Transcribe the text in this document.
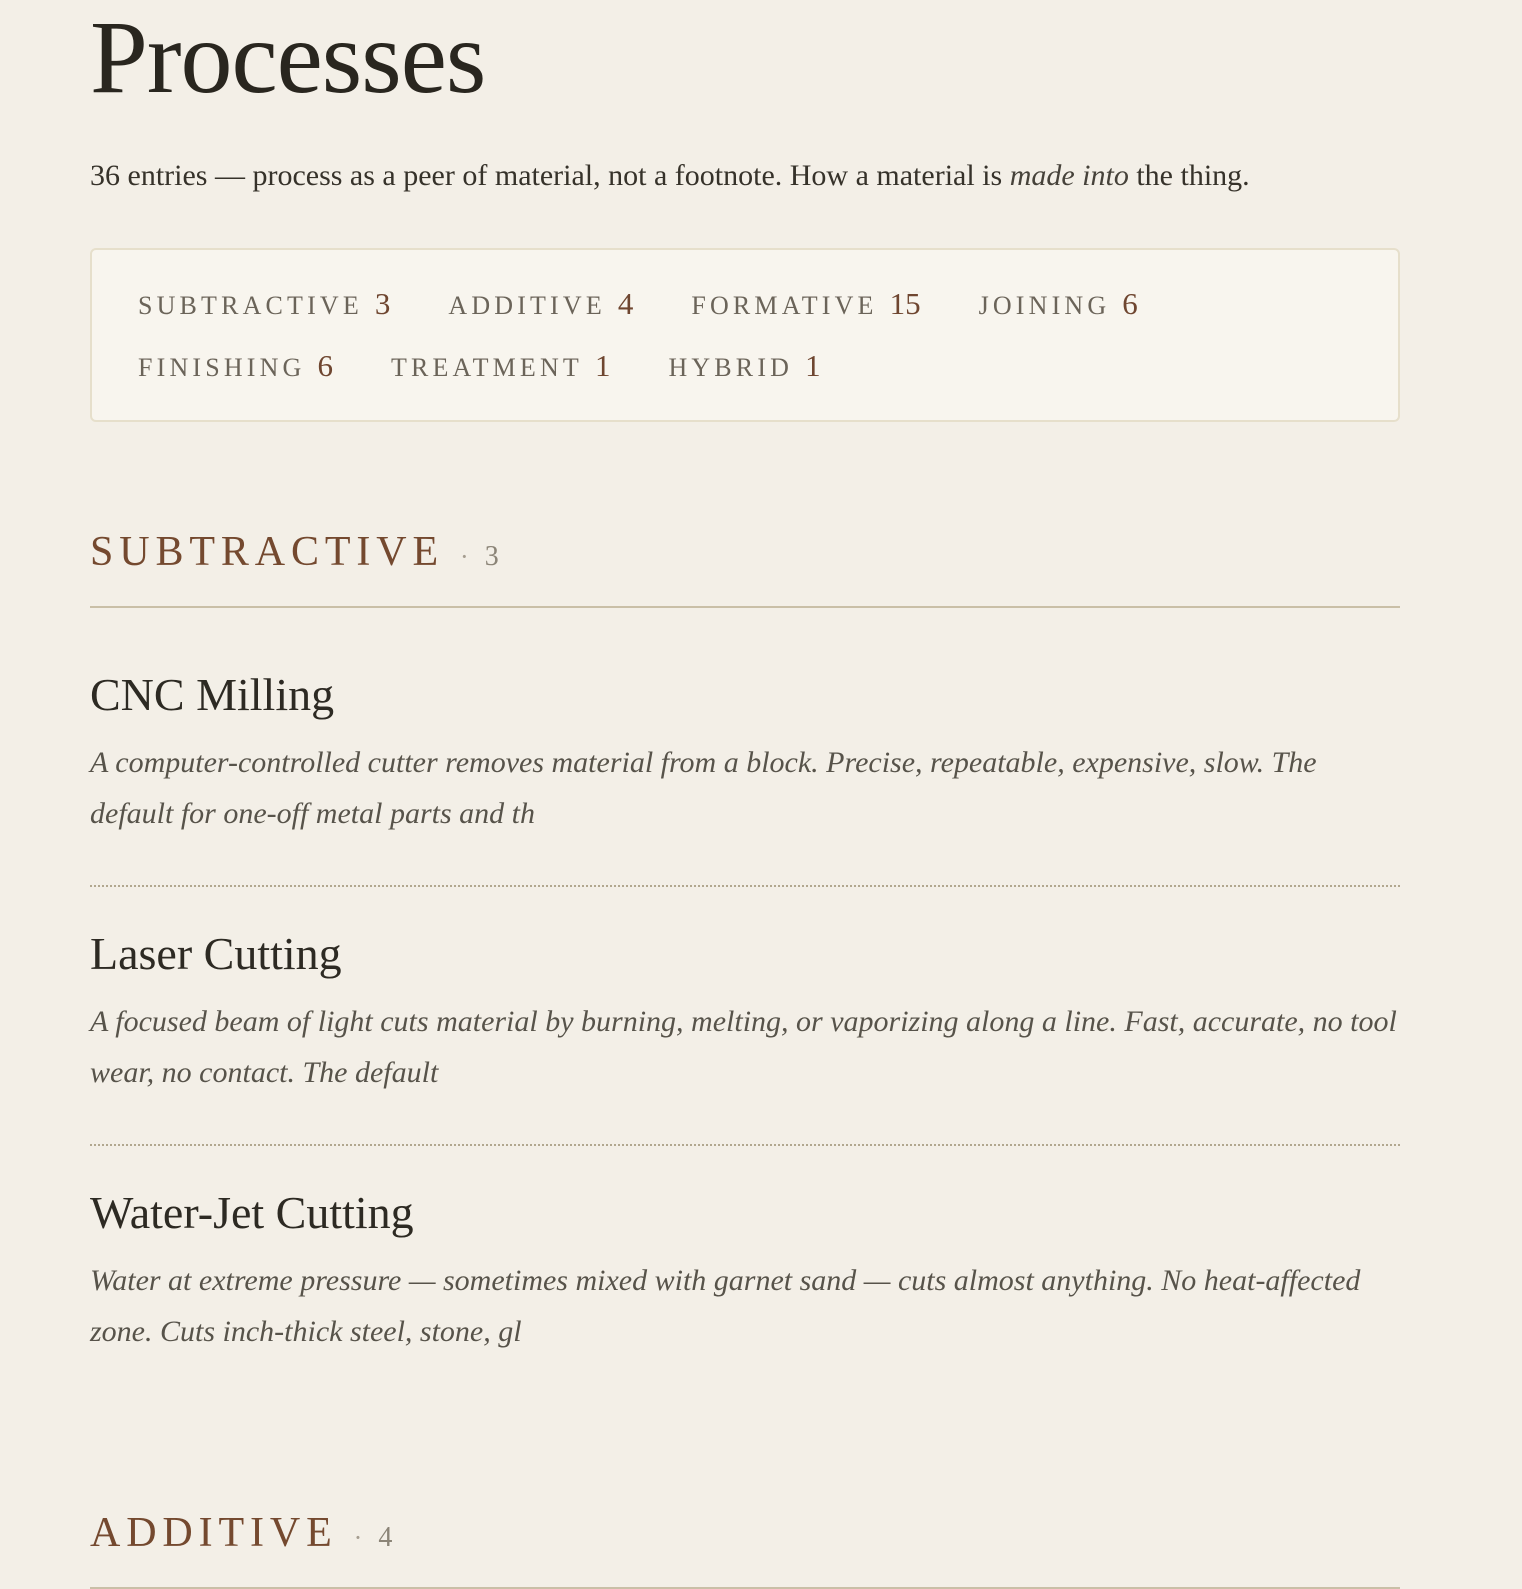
Processes

36 entries — process as a peer of material, not a footnote. How a material is made into the thing.

SUBTRACTIVE 3 ADDITIVE 4 FORMATIVE 15 JOINING 6
FINISHING 6 TREATMENT 1 HYBRID 1
SUBTRACTIVE · 3
CNC Milling

A computer-controlled cutter removes material from a block. Precise, repeatable, expensive, slow. The default for one-off metal parts and th

Laser Cutting

A focused beam of light cuts material by burning, melting, or vaporizing along a line. Fast, accurate, no tool wear, no contact. The default

Water-Jet Cutting

Water at extreme pressure — sometimes mixed with garnet sand — cuts almost anything. No heat-affected zone. Cuts inch-thick steel, stone, gl

ADDITIVE · 4
